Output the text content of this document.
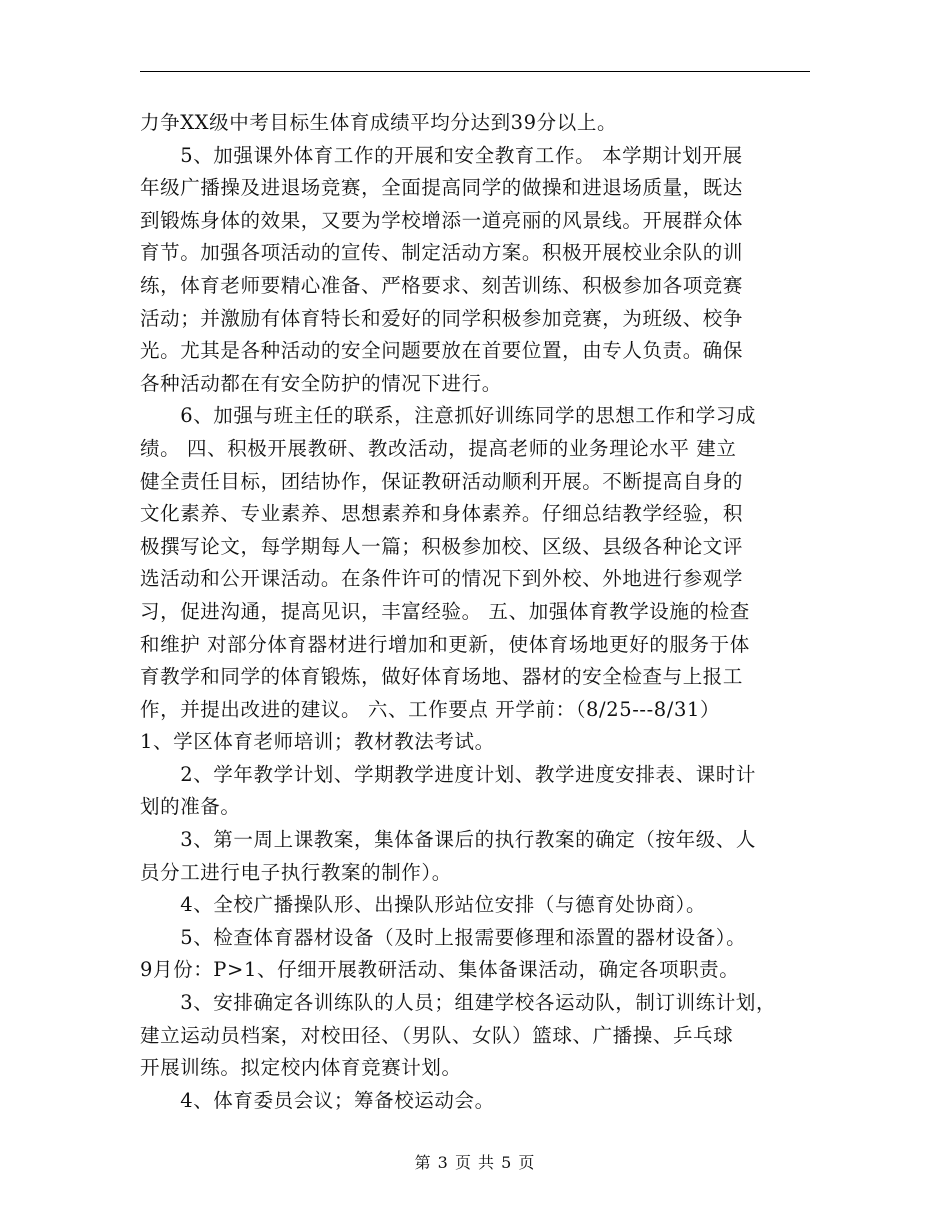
力争XX级中考目标生体育成绩平均分达到39分以上。
　　5、加强课外体育工作的开展和安全教育工作。 本学期计划开展
年级广播操及进退场竞赛，全面提高同学的做操和进退场质量，既达
到锻炼身体的效果，又要为学校增添一道亮丽的风景线。开展群众体
育节。加强各项活动的宣传、制定活动方案。积极开展校业余队的训
练，体育老师要精心准备、严格要求、刻苦训练、积极参加各项竞赛
活动；并激励有体育特长和爱好的同学积极参加竞赛，为班级、校争
光。尤其是各种活动的安全问题要放在首要位置，由专人负责。确保
各种活动都在有安全防护的情况下进行。
　　6、加强与班主任的联系，注意抓好训练同学的思想工作和学习成
绩。 四、积极开展教研、教改活动，提高老师的业务理论水平 建立
健全责任目标，团结协作，保证教研活动顺利开展。不断提高自身的
文化素养、专业素养、思想素养和身体素养。仔细总结教学经验，积
极撰写论文，每学期每人一篇；积极参加校、区级、县级各种论文评
选活动和公开课活动。在条件许可的情况下到外校、外地进行参观学
习，促进沟通，提高见识，丰富经验。 五、加强体育教学设施的检查
和维护 对部分体育器材进行增加和更新，使体育场地更好的服务于体
育教学和同学的体育锻炼，做好体育场地、器材的安全检查与上报工
作，并提出改进的建议。 六、工作要点 开学前：（8/25---8/31）
1、学区体育老师培训；教材教法考试。
　　2、学年教学计划、学期教学进度计划、教学进度安排表、课时计
划的准备。
　　3、第一周上课教案，集体备课后的执行教案的确定（按年级、人
员分工进行电子执行教案的制作）。
　　4、全校广播操队形、出操队形站位安排（与德育处协商）。
　　5、检查体育器材设备（及时上报需要修理和添置的器材设备）。
9月份：P>1、仔细开展教研活动、集体备课活动，确定各项职责。
　　3、安排确定各训练队的人员；组建学校各运动队，制订训练计划，
建立运动员档案，对校田径、（男队、女队）篮球、广播操、乒乓球
开展训练。拟定校内体育竞赛计划。
　　4、体育委员会议；筹备校运动会。
第 3 页 共 5 页
